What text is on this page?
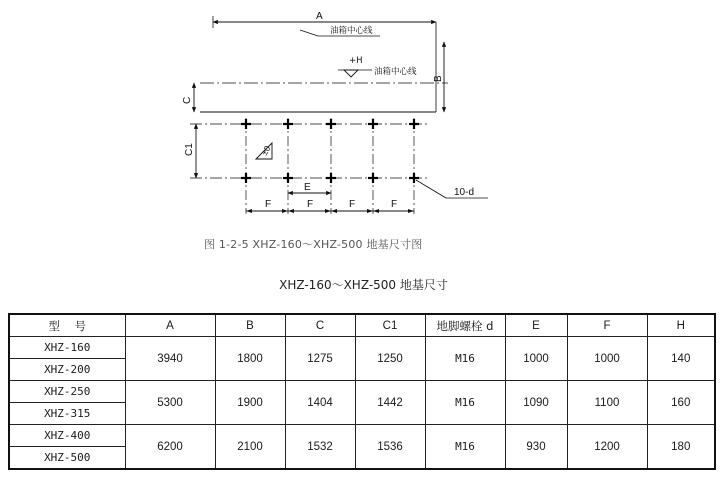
A
油箱中心线
+H
油箱中心线
B
C
C1	±0
10-d
E
F	F	F	F
图 1-2-5 XHZ-160～XHZ-500 地基尺寸图
XHZ-160～XHZ-500 地基尺寸
型    号	A	B	C	C1	地脚螺栓 d	E	F	H
XHZ-160	3940	1800	1275	1250	M16	1000	1000	140
XHZ-200								
XHZ-250	5300	1900	1404	1442	M16	1090	1100	160
XHZ-315								
XHZ-400	6200	2100	1532	1536	M16	930	1200	180
XHZ-500								
